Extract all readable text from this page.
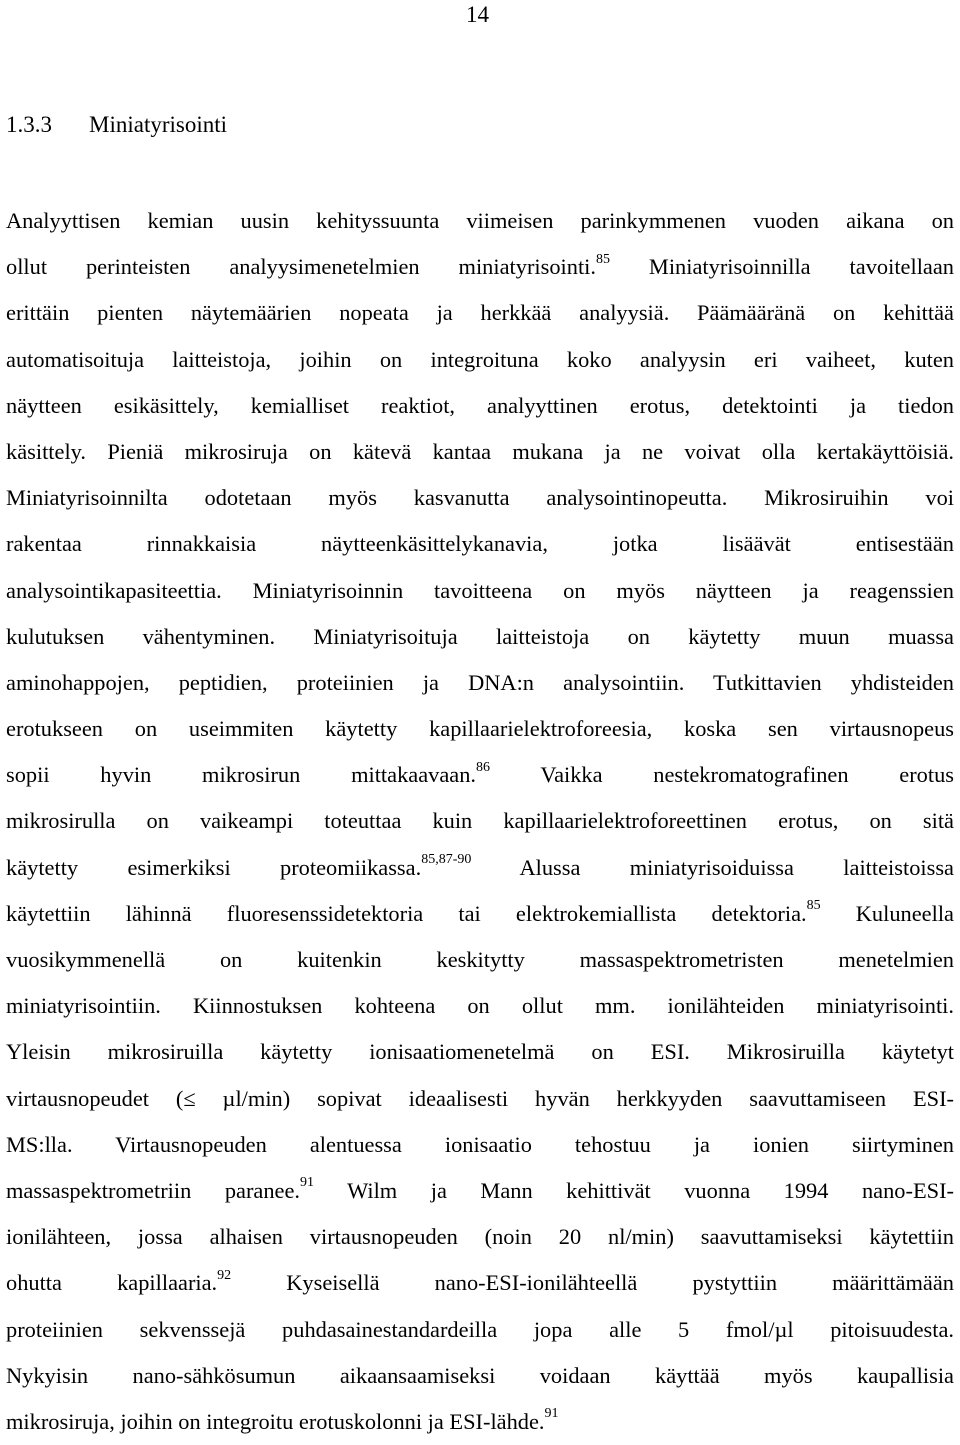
14
1.3.3 Miniatyrisointi
Analyyttisen kemian uusin kehityssuunta viimeisen parinkymmenen vuoden aikana on
ollut perinteisten analyysimenetelmien miniatyrisointi.$^{85}$ Miniatyrisoinnilla tavoitellaan
erittäin pienten näytemäärien nopeata ja herkkää analyysiä. Päämääränä on kehittää
automatisoituja laitteistoja, joihin on integroituna koko analyysin eri vaiheet, kuten
näytteen esikäsittely, kemialliset reaktiot, analyyttinen erotus, detektointi ja tiedon
käsittely. Pieniä mikrosiruja on kätevä kantaa mukana ja ne voivat olla kertakäyttöisiä.
Miniatyrisoinnilta odotetaan myös kasvanutta analysointinopeutta. Mikrosiruihin voi
rakentaa rinnakkaisia näytteenkäsittelykanavia, jotka lisäävät entisestään
analysointikapasiteettia. Miniatyrisoinnin tavoitteena on myös näytteen ja reagenssien
kulutuksen vähentyminen. Miniatyrisoituja laitteistoja on käytetty muun muassa
aminohappojen, peptidien, proteiinien ja DNA:n analysointiin. Tutkittavien yhdisteiden
erotukseen on useimmiten käytetty kapillaarielektroforeesia, koska sen virtausnopeus
sopii hyvin mikrosirun mittakaavaan.$^{86}$ Vaikka nestekromatografinen erotus
mikrosirulla on vaikeampi toteuttaa kuin kapillaarielektroforeettinen erotus, on sitä
käytetty esimerkiksi proteomiikassa.$^{85,87-90}$ Alussa miniatyrisoiduissa laitteistoissa
käytettiin lähinnä fluoresenssidetektoria tai elektrokemiallista detektoria.$^{85}$ Kuluneella
vuosikymmenellä on kuitenkin keskitytty massaspektrometristen menetelmien
miniatyrisointiin. Kiinnostuksen kohteena on ollut mm. ionilähteiden miniatyrisointi.
Yleisin mikrosiruilla käytetty ionisaatiomenetelmä on ESI. Mikrosiruilla käytetyt
virtausnopeudet (≤ µl/min) sopivat ideaalisesti hyvän herkkyyden saavuttamiseen ESI-
MS:lla. Virtausnopeuden alentuessa ionisaatio tehostuu ja ionien siirtyminen
massaspektrometriin paranee.$^{91}$ Wilm ja Mann kehittivät vuonna 1994 nano-ESI-
ionilähteen, jossa alhaisen virtausnopeuden (noin 20 nl/min) saavuttamiseksi käytettiin
ohutta kapillaaria.$^{92}$ Kyseisellä nano-ESI-ionilähteellä pystyttiin määrittämään
proteiinien sekvenssejä puhdasainestandardeilla jopa alle 5 fmol/µl pitoisuudesta.
Nykyisin nano-sähkösumun aikaansaamiseksi voidaan käyttää myös kaupallisia
mikrosiruja, joihin on integroitu erotuskolonni ja ESI-lähde.$^{91}$
